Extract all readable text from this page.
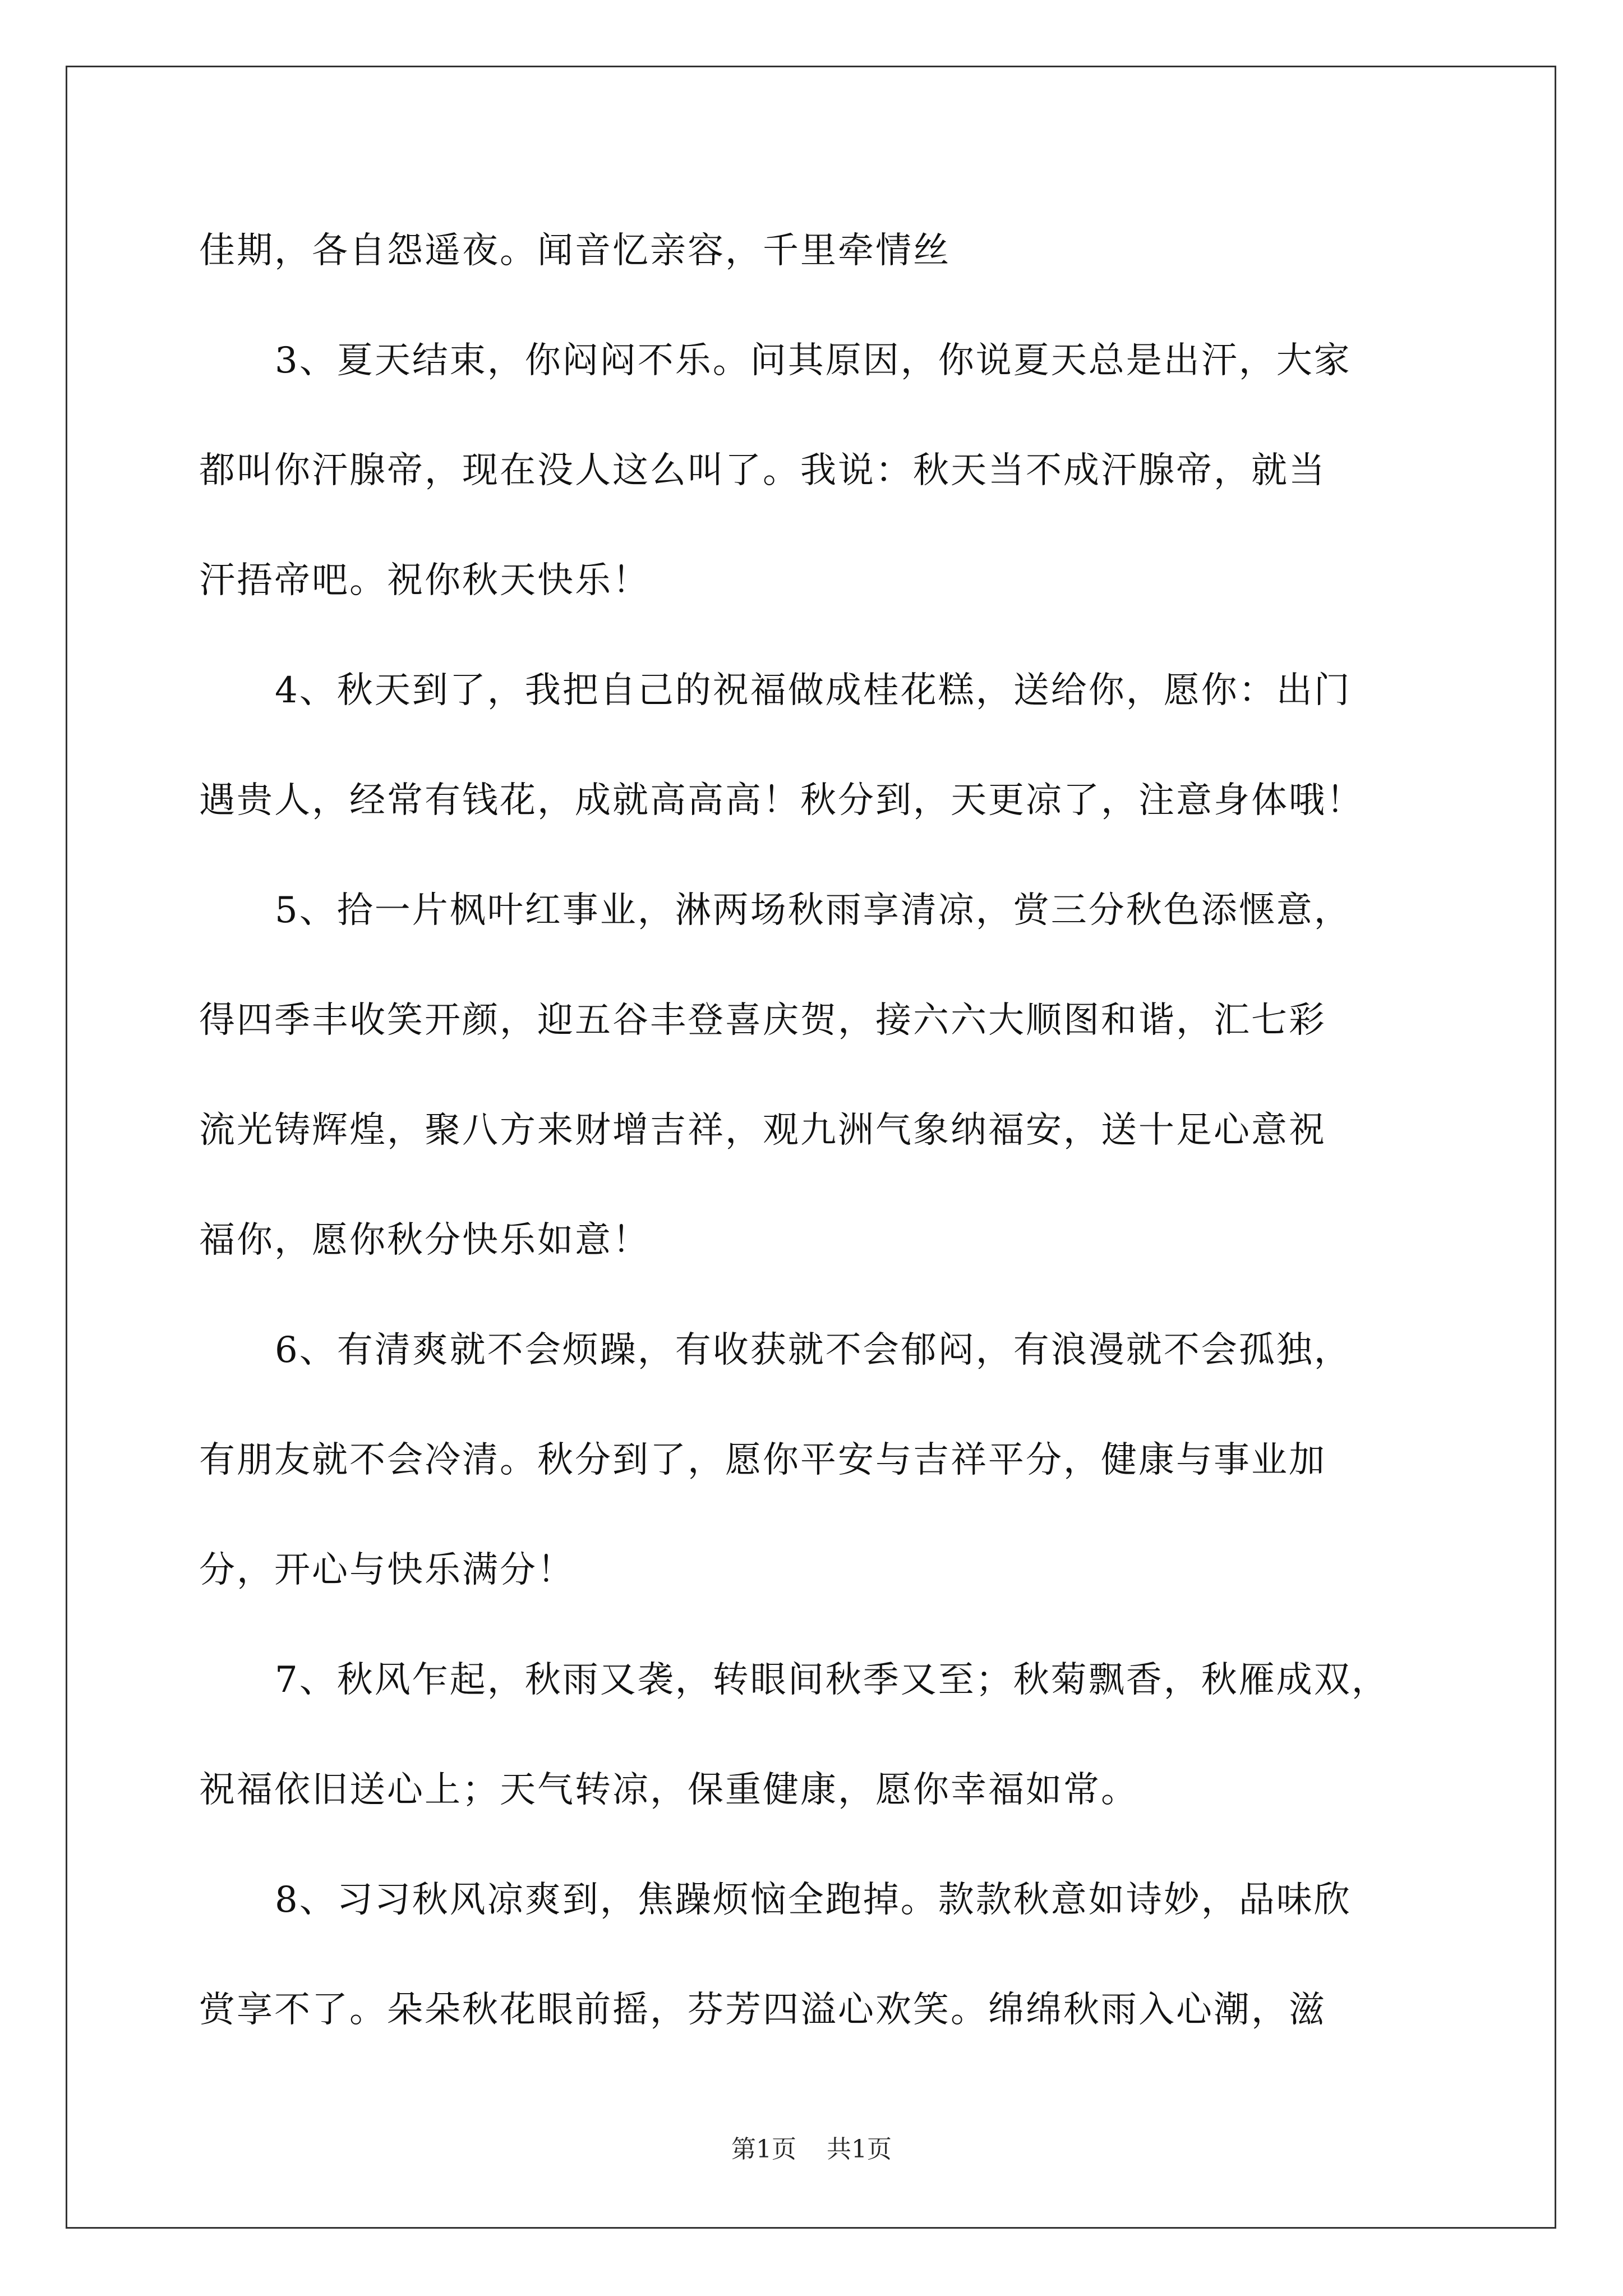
佳期，各自怨遥夜。闻音忆亲容，千里牵情丝
3、夏天结束，你闷闷不乐。问其原因，你说夏天总是出汗，大家
都叫你汗腺帝，现在没人这么叫了。我说：秋天当不成汗腺帝，就当
汗捂帝吧。祝你秋天快乐！
4、秋天到了，我把自己的祝福做成桂花糕，送给你，愿你：出门
遇贵人，经常有钱花，成就高高高！秋分到，天更凉了，注意身体哦！
5、拾一片枫叶红事业，淋两场秋雨享清凉，赏三分秋色添惬意，
得四季丰收笑开颜，迎五谷丰登喜庆贺，接六六大顺图和谐，汇七彩
流光铸辉煌，聚八方来财增吉祥，观九洲气象纳福安，送十足心意祝
福你，愿你秋分快乐如意！
6、有清爽就不会烦躁，有收获就不会郁闷，有浪漫就不会孤独，
有朋友就不会冷清。秋分到了，愿你平安与吉祥平分，健康与事业加
分，开心与快乐满分！
7、秋风乍起，秋雨又袭，转眼间秋季又至；秋菊飘香，秋雁成双，
祝福依旧送心上；天气转凉，保重健康，愿你幸福如常。
8、习习秋风凉爽到，焦躁烦恼全跑掉。款款秋意如诗妙，品味欣
赏享不了。朵朵秋花眼前摇，芬芳四溢心欢笑。绵绵秋雨入心潮，滋
第1页 共1页
